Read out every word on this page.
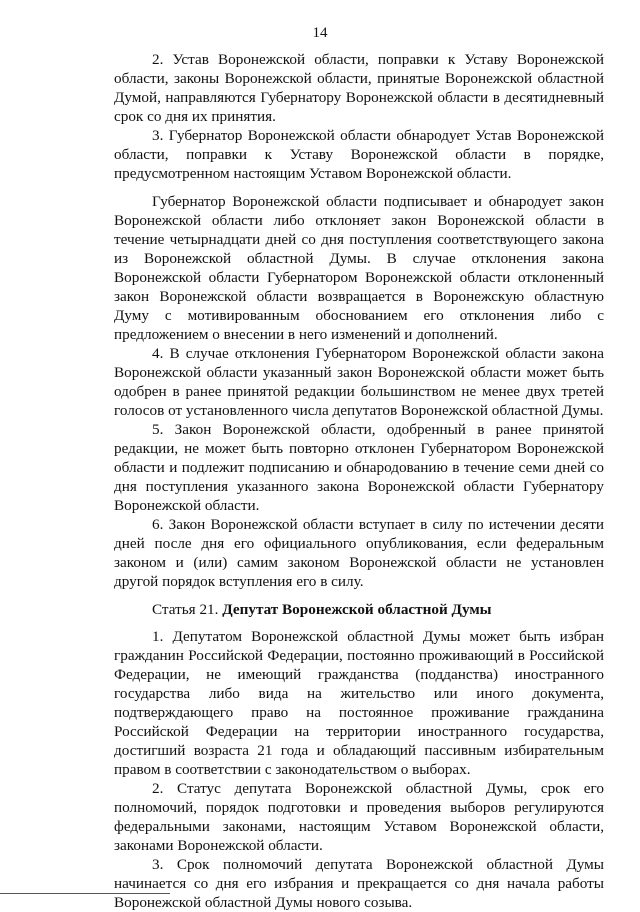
14

2. Устав Воронежской области, поправки к Уставу Воронежской области, законы Воронежской области, принятые Воронежской областной Думой, направляются Губернатору Воронежской области в десятидневный срок со дня их принятия.

3. Губернатор Воронежской области обнародует Устав Воронежской области, поправки к Уставу Воронежской области в порядке, предусмотренном настоящим Уставом Воронежской области.

Губернатор Воронежской области подписывает и обнародует закон Воронежской области либо отклоняет закон Воронежской области в течение четырнадцати дней со дня поступления соответствующего закона из Воронежской областной Думы. В случае отклонения закона Воронежской области Губернатором Воронежской области отклоненный закон Воронежской области возвращается в Воронежскую областную Думу с мотивированным обоснованием его отклонения либо с предложением о внесении в него изменений и дополнений.

4. В случае отклонения Губернатором Воронежской области закона Воронежской области указанный закон Воронежской области может быть одобрен в ранее принятой редакции большинством не менее двух третей голосов от установленного числа депутатов Воронежской областной Думы.

5. Закон Воронежской области, одобренный в ранее принятой редакции, не может быть повторно отклонен Губернатором Воронежской области и подлежит подписанию и обнародованию в течение семи дней со дня поступления указанного закона Воронежской области Губернатору Воронежской области.

6. Закон Воронежской области вступает в силу по истечении десяти дней после дня его официального опубликования, если федеральным законом и (или) самим законом Воронежской области не установлен другой порядок вступления его в силу.

Статья 21. Депутат Воронежской областной Думы

1. Депутатом Воронежской областной Думы может быть избран гражданин Российской Федерации, постоянно проживающий в Российской Федерации, не имеющий гражданства (подданства) иностранного государства либо вида на жительство или иного документа, подтверждающего право на постоянное проживание гражданина Российской Федерации на территории иностранного государства, достигший возраста 21 года и обладающий пассивным избирательным правом в соответствии с законодательством о выборах.

2. Статус депутата Воронежской областной Думы, срок его полномочий, порядок подготовки и проведения выборов регулируются федеральными законами, настоящим Уставом Воронежской области, законами Воронежской области.

3. Срок полномочий депутата Воронежской областной Думы начинается со дня его избрания и прекращается со дня начала работы Воронежской областной Думы нового созыва.
